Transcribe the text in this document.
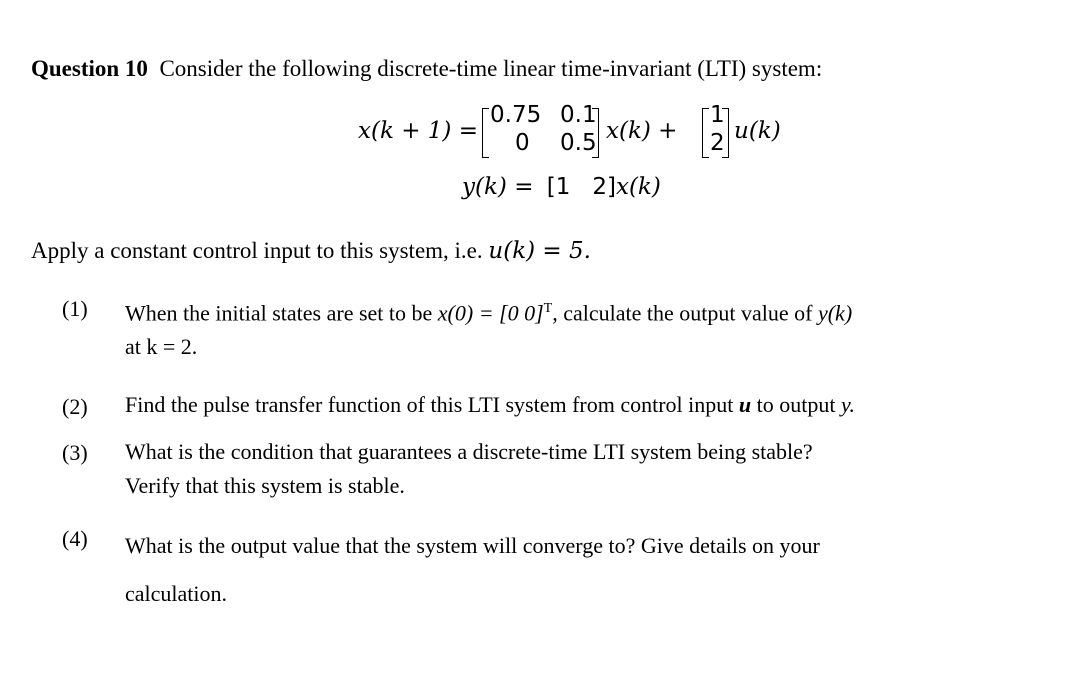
Question 10 Consider the following discrete-time linear time-invariant (LTI) system:
x(k + 1) =
0.75 0.1
0 0.5 x(k) +
1
2 u(k)
y(k) = [1 2]x(k)
Apply a constant control input to this system, i.e. u(k) = 5.
(1) When the initial states are set to be x(0) = [0 0]$^T$, calculate the output value of y(k)
at k = 2.
(2) Find the pulse transfer function of this LTI system from control input u to output y.
(3) What is the condition that guarantees a discrete-time LTI system being stable?
Verify that this system is stable.
(4) What is the output value that the system will converge to? Give details on your
calculation.
